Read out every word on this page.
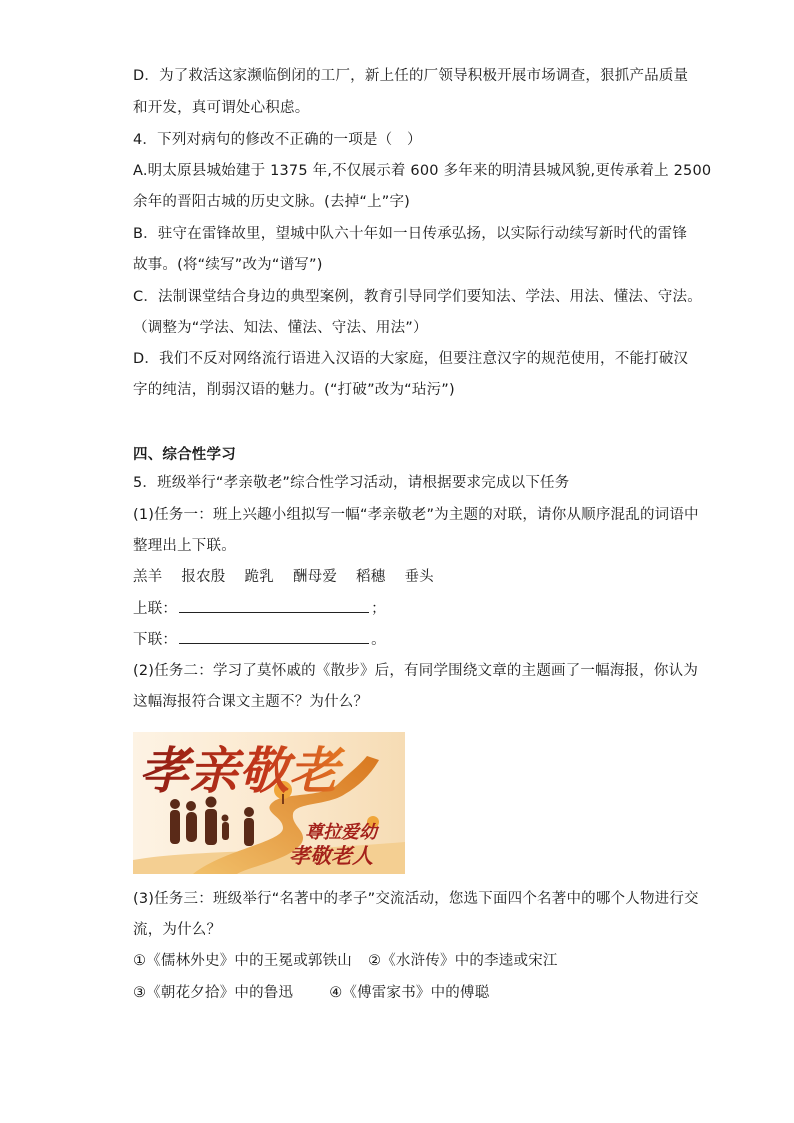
D．为了救活这家濒临倒闭的工厂，新上任的厂领导积极开展市场调查，狠抓产品质量
和开发，真可谓处心积虑。
4．下列对病句的修改不正确的一项是（　）
A.明太原县城始建于 1375 年,不仅展示着 600 多年来的明清县城风貌,更传承着上 2500
余年的晋阳古城的历史文脉。(去掉“上”字)
B．驻守在雷锋故里，望城中队六十年如一日传承弘扬，以实际行动续写新时代的雷锋
故事。(将“续写”改为“谱写”)
C．法制课堂结合身边的典型案例，教育引导同学们要知法、学法、用法、懂法、守法。
（调整为“学法、知法、懂法、守法、用法”）
D．我们不反对网络流行语进入汉语的大家庭，但要注意汉字的规范使用，不能打破汉
字的纯洁，削弱汉语的魅力。(“打破”改为“玷污”)
四、综合性学习
5．班级举行“孝亲敬老”综合性学习活动，请根据要求完成以下任务
(1)任务一：班上兴趣小组拟写一幅“孝亲敬老”为主题的对联，请你从顺序混乱的词语中
整理出上下联。
羔羊 报农殷 跪乳 酬母爱 稻穗 垂头
上联：	；
下联：	。
(2)任务二：学习了莫怀戚的《散步》后，有同学围绕文章的主题画了一幅海报，你认为
这幅海报符合课文主题不？为什么？
孝亲敬老
尊拉爱幼
孝敬老人
(3)任务三：班级举行“名著中的孝子”交流活动，您选下面四个名著中的哪个人物进行交
流，为什么？
①《儒林外史》中的王冕或郭铁山 ②《水浒传》中的李逵或宋江
③《朝花夕拾》中的鲁迅 ④《傅雷家书》中的傅聪
